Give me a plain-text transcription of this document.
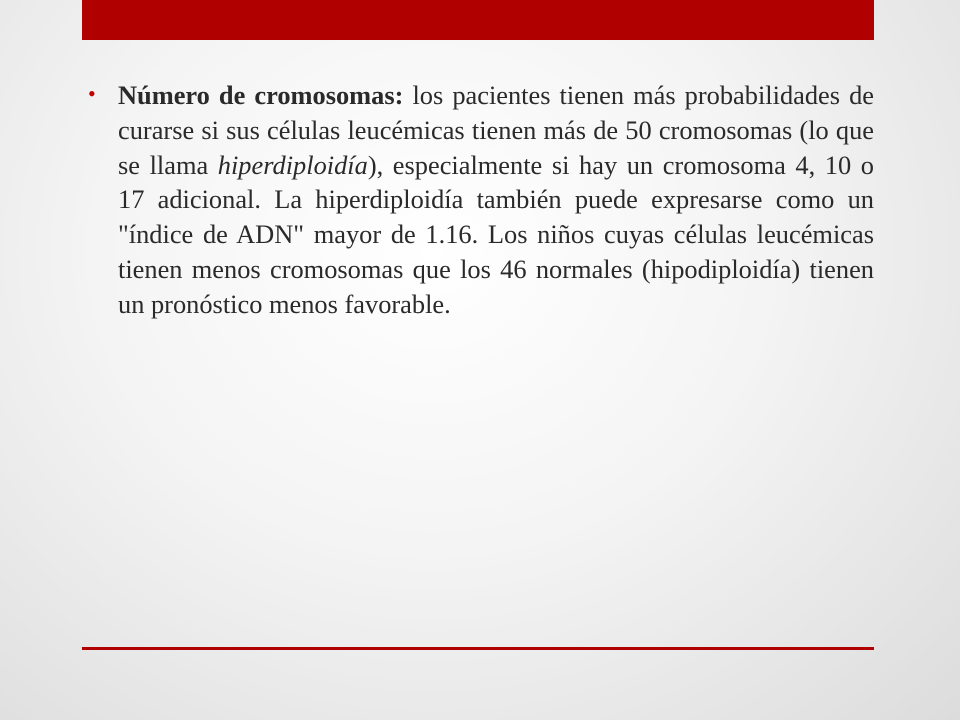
• Número de cromosomas: los pacientes tienen más probabilidades de curarse si sus células leucémicas tienen más de 50 cromosomas (lo que se llama hiperdiploidía), especialmente si hay un cromosoma 4, 10 o 17 adicional. La hiperdiploidía también puede expresarse como un "índice de ADN" mayor de 1.16. Los niños cuyas células leucémicas tienen menos cromosomas que los 46 normales (hipodiploidía) tienen un pronóstico menos favorable.
